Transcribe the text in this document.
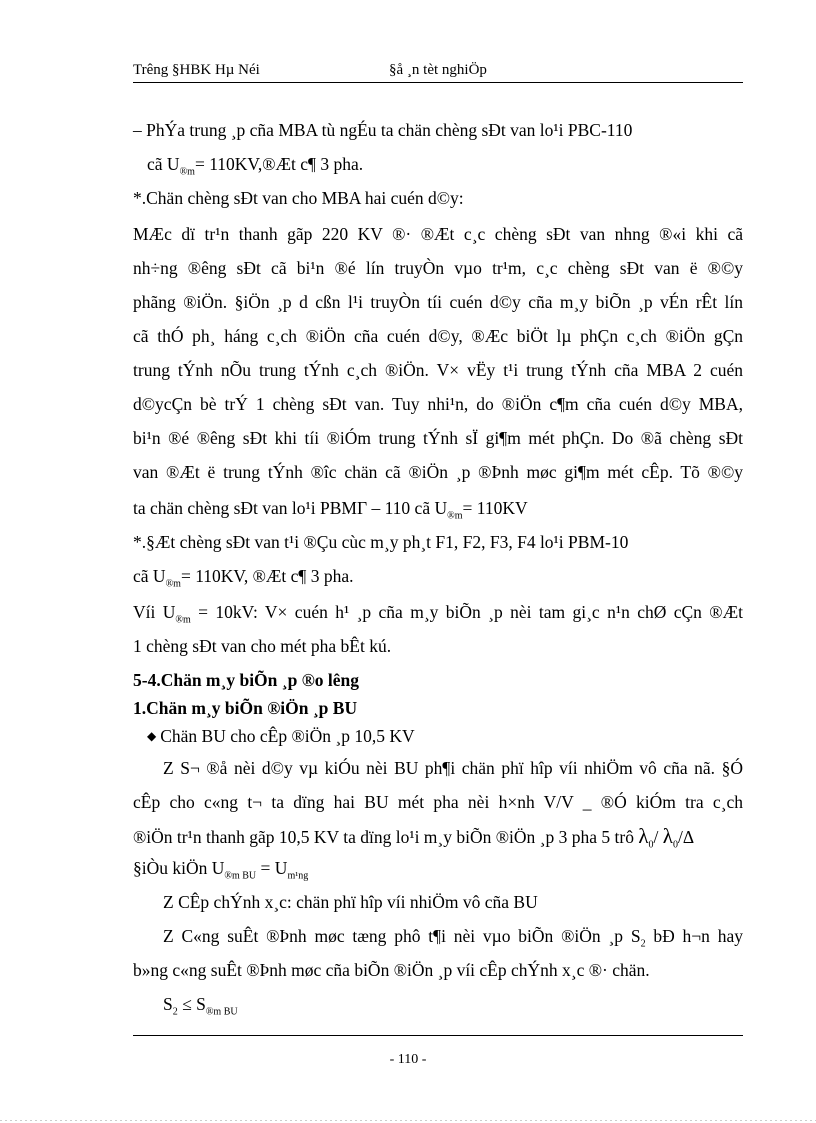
Trêng §HBK Hµ Néi	§å ¸n tèt nghiÖp
– PhÝa trung ¸p cña MBA tù ngÉu ta chän chèng sÐt van lo¹i PBC-110
cã $U_{®m}=$ 110KV,®Æt c¶ 3 pha.
*.Chän chèng sÐt van cho MBA hai cuén d©y:
MÆc dï tr¹n thanh gãp 220 KV ®· ®Æt c¸c chèng sÐt van nhng ®«i khi cã
nh÷ng ®êng sÐt cã bi¹n ®é lín truyÒn vµo tr¹m, c¸c chèng sÐt van ë ®©y
phãng ®iÖn. §iÖn ¸p d cßn l¹i truyÒn tíi cuén d©y cña m¸y biÕn ¸p vÉn rÊt lín
cã thÓ ph¸ háng c¸ch ®iÖn cña cuén d©y, ®Æc biÖt lµ phÇn c¸ch ®iÖn gÇn
trung tÝnh nÕu trung tÝnh c¸ch ®iÖn. V× vËy t¹i trung tÝnh cña MBA 2 cuén
d©ycÇn bè trÝ 1 chèng sÐt van. Tuy nhi¹n, do ®iÖn c¶m cña cuén d©y MBA,
bi¹n ®é ®êng sÐt khi tíi ®iÓm trung tÝnh sÏ gi¶m mét phÇn. Do ®ã chèng sÐt
van ®Æt ë trung tÝnh ®îc chän cã ®iÖn ¸p ®Þnh møc gi¶m mét cÊp. Tõ ®©y
ta chän chèng sÐt van lo¹i PBMГ – 110 cã $U_{®m}= 110KV$
*.§Æt chèng sÐt van t¹i ®Çu cùc m¸y ph¸t F1, F2, F3, F4 lo¹i PBM-10
cã $U_{®m}= 110KV$, ®Æt c¶ 3 pha.
Víi $U_{®m} = 10kV$: V× cuén h¹ ¸p cña m¸y biÕn ¸p nèi tam gi¸c n¹n chØ cÇn ®Æt
1 chèng sÐt van cho mét pha bÊt kú.
5-4.Chän m¸y biÕn ¸p ®o lêng
1.Chän m¸y biÕn ®iÖn ¸p BU
◆ Chän BU cho cÊp ®iÖn ¸p 10,5 KV
Z S¬ ®å nèi d©y vµ kiÓu nèi BU ph¶i chän phï hîp víi nhiÖm vô cña nã. §Ó
cÊp cho c«ng t¬ ta dïng hai BU mét pha nèi h×nh V/V _ ®Ó kiÓm tra c¸ch
®iÖn tr¹n thanh gãp 10,5 KV ta dïng lo¹i m¸y biÕn ®iÖn ¸p 3 pha 5 trô $\lambda_0/$ $\lambda_0/\Delta$
§iÒu kiÖn $U_{®m BU} = U_{m^1ng}$
Z CÊp chÝnh x¸c: chän phï hîp víi nhiÖm vô cña BU
Z C«ng suÊt ®Þnh møc tæng phô t¶i nèi vµo biÕn ®iÖn ¸p $S_2$ bÐ h¬n hay
b»ng c«ng suÊt ®Þnh møc cña biÕn ®iÖn ¸p víi cÊp chÝnh x¸c ®· chän.
$S_2 \le S_{®m BU}$
- 110 -
